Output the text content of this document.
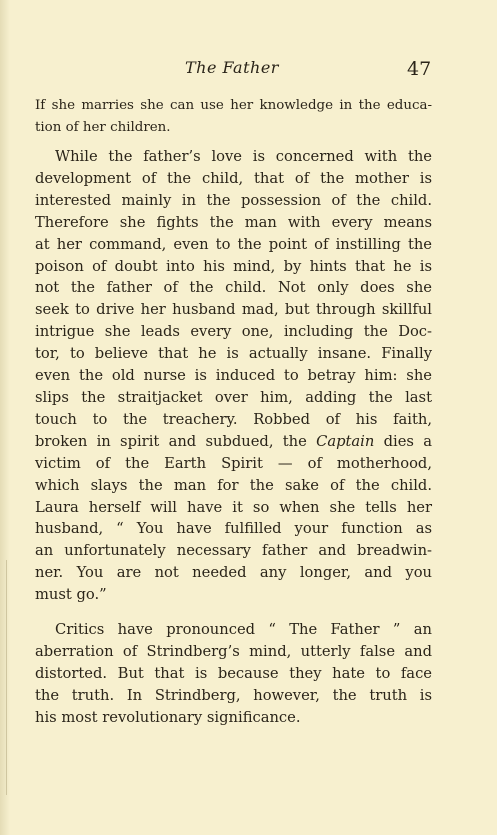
The Father	47

If she marries she can use her knowledge in the educa-
tion of her children.

While the father’s love is concerned with the
development of the child, that of the mother is
interested mainly in the possession of the child.
Therefore she fights the man with every means
at her command, even to the point of instilling the
poison of doubt into his mind, by hints that he is
not the father of the child. Not only does she
seek to drive her husband mad, but through skillful
intrigue she leads every one, including the Doc-
tor, to believe that he is actually insane. Finally
even the old nurse is induced to betray him: she
slips the straitjacket over him, adding the last
touch to the treachery. Robbed of his faith,
broken in spirit and subdued, the Captain dies a
victim of the Earth Spirit — of motherhood,
which slays the man for the sake of the child.
Laura herself will have it so when she tells her
husband, “ You have fulfilled your function as
an unfortunately necessary father and breadwin-
ner. You are not needed any longer, and you
must go.”

Critics have pronounced “ The Father ” an
aberration of Strindberg’s mind, utterly false and
distorted. But that is because they hate to face
the truth. In Strindberg, however, the truth is
his most revolutionary significance.
